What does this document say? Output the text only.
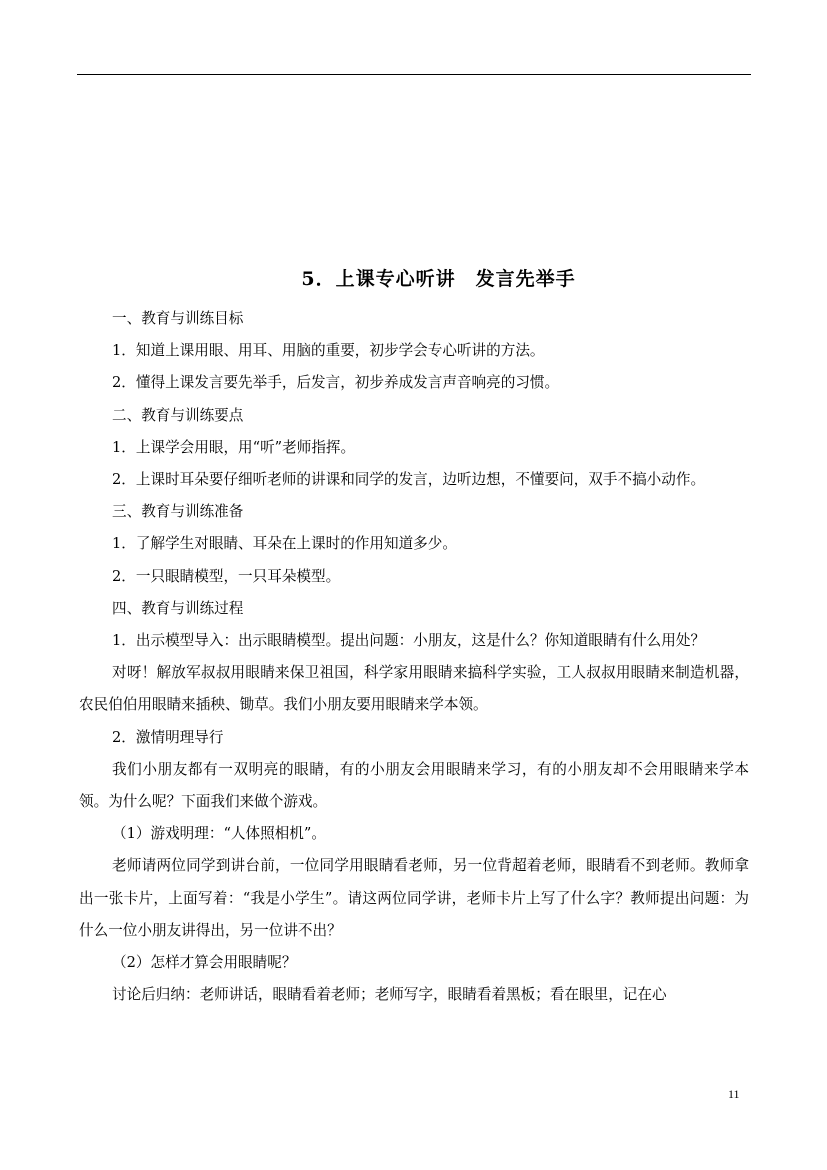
5．上课专心听讲　发言先举手

一、教育与训练目标

1．知道上课用眼、用耳、用脑的重要，初步学会专心听讲的方法。

2．懂得上课发言要先举手，后发言，初步养成发言声音响亮的习惯。

二、教育与训练要点

1．上课学会用眼，用“听”老师指挥。

2．上课时耳朵要仔细听老师的讲课和同学的发言，边听边想，不懂要问，双手不搞小动作。

三、教育与训练准备

1．了解学生对眼睛、耳朵在上课时的作用知道多少。

2．一只眼睛模型，一只耳朵模型。

四、教育与训练过程

1．出示模型导入：出示眼睛模型。提出问题：小朋友，这是什么？你知道眼睛有什么用处？

对呀！解放军叔叔用眼睛来保卫祖国，科学家用眼睛来搞科学实验，工人叔叔用眼睛来制造机器，农民伯伯用眼睛来插秧、锄草。我们小朋友要用眼睛来学本领。

2．激情明理导行

我们小朋友都有一双明亮的眼睛，有的小朋友会用眼睛来学习，有的小朋友却不会用眼睛来学本领。为什么呢？下面我们来做个游戏。

（1）游戏明理：“人体照相机”。

老师请两位同学到讲台前，一位同学用眼睛看老师，另一位背超着老师，眼睛看不到老师。教师拿出一张卡片，上面写着：“我是小学生”。请这两位同学讲，老师卡片上写了什么字？教师提出问题：为什么一位小朋友讲得出，另一位讲不出？

（2）怎样才算会用眼睛呢？

讨论后归纳：老师讲话，眼睛看着老师；老师写字，眼睛看着黑板；看在眼里，记在心

11
